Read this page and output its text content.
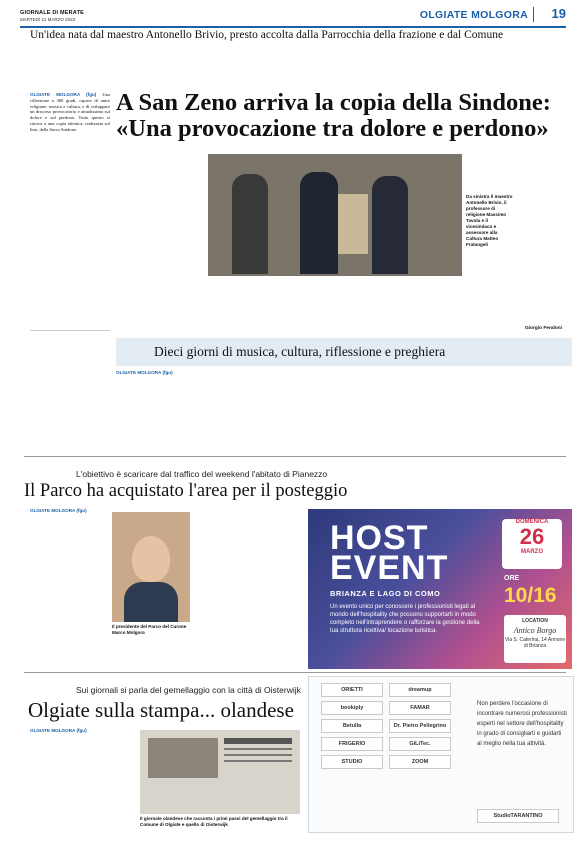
GIORNALE DI MERATE
MARTEDÌ 21 MARZO 2023	OLGIATE MOLGORA 19
Un'idea nata dal maestro Antonello Brivio, presto accolta dalla Parrocchia della frazione e dal Comune
A San Zeno arriva la copia della Sindone:
«Una provocazione tra dolore e perdono»
OLGIATE MOLGORA (fgu) Una riflessione a 360 gradi, capace di unire religione, musica e cultura, e di sviluppare un discorso provocatorio e attualissimo sul dolore e sul perdono. Tutto questo si ritrova a una copia identica, realizzata sul lino, della Sacra Sindone.
Da sinistra il maestro Antonello Brivio, il professore di religione Massimo Tavola e il vicesindaco e assessore alla Cultura Matteo Fratangeli
Giorgio Fendoni
Dieci giorni di musica, cultura, riflessione e preghiera
OLGIATE MOLGORA (fgu)
L'obiettivo è scaricare dal traffico del weekend l'abitato di Pianezzo
Il Parco ha acquistato l'area per il posteggio
OLGIATE MOLGORA (fgu)
Il presidente del Parco del Curone Marco Molgora
HOST
EVENT
BRIANZA E LAGO DI COMO
Un evento unico per conoscere i professionisti legati al mondo dell'hospitality che possono supportarti in modo completo nell'intraprendere o rafforzare la gestione della tua struttura ricettiva/ locazione turistica.
DOMENICA
26
MARZO
ORE
10/16
LOCATION
Antico Borgo
Via S. Caterina, 14 Annone di Brianza
Sui giornali si parla del gemellaggio con la città di Oisterwijk
Olgiate sulla stampa... olandese
OLGIATE MOLGORA (fgu)
Il giornale olandese che racconta i primi passi del gemellaggio tra il Comune di Olgiate e quello di Oisterwijk
ORIETTI	dreamup
bookiply	FAMAR
Betulla	Dr. Pietro Pellegrino
FRIGERIO	GiLiTec.
STUDIO	ZOOM
StudioTARANTINO
Non perdere l'occasione di incontrare numerosi professionisti esperti nel settore dell'hospitality in grado di consigliarti e guidarti al meglio nella tua attività.
